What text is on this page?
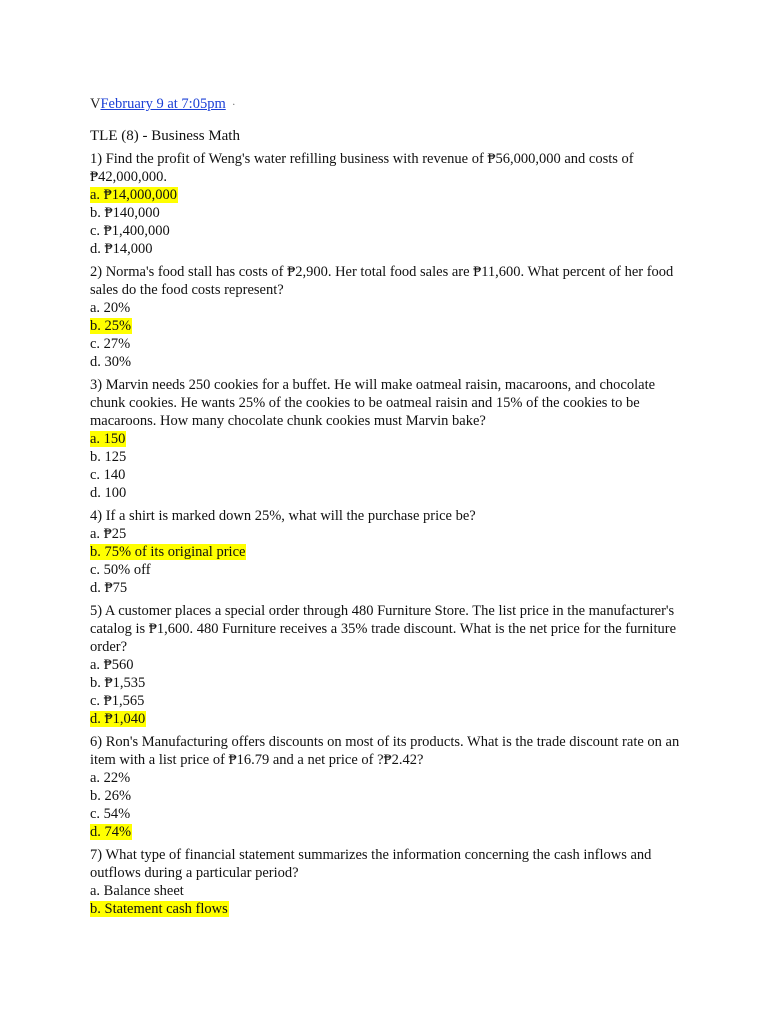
VFebruary 9 at 7:05pm ·
TLE (8) - Business Math
1) Find the profit of Weng's water refilling business with revenue of ₱56,000,000 and costs of ₱42,000,000.
a. ₱14,000,000
b. ₱140,000
c. ₱1,400,000
d. ₱14,000
2) Norma's food stall has costs of ₱2,900. Her total food sales are ₱11,600. What percent of her food sales do the food costs represent?
a. 20%
b. 25%
c. 27%
d. 30%
3) Marvin needs 250 cookies for a buffet. He will make oatmeal raisin, macaroons, and chocolate chunk cookies. He wants 25% of the cookies to be oatmeal raisin and 15% of the cookies to be macaroons. How many chocolate chunk cookies must Marvin bake?
a. 150
b. 125
c. 140
d. 100
4) If a shirt is marked down 25%, what will the purchase price be?
a. ₱25
b. 75% of its original price
c. 50% off
d. ₱75
5) A customer places a special order through 480 Furniture Store. The list price in the manufacturer's catalog is ₱1,600. 480 Furniture receives a 35% trade discount. What is the net price for the furniture order?
a. ₱560
b. ₱1,535
c. ₱1,565
d. ₱1,040
6) Ron's Manufacturing offers discounts on most of its products. What is the trade discount rate on an item with a list price of ₱16.79 and a net price of ?₱2.42?
a. 22%
b. 26%
c. 54%
d. 74%
7) What type of financial statement summarizes the information concerning the cash inflows and outflows during a particular period?
a. Balance sheet
b. Statement cash flows
